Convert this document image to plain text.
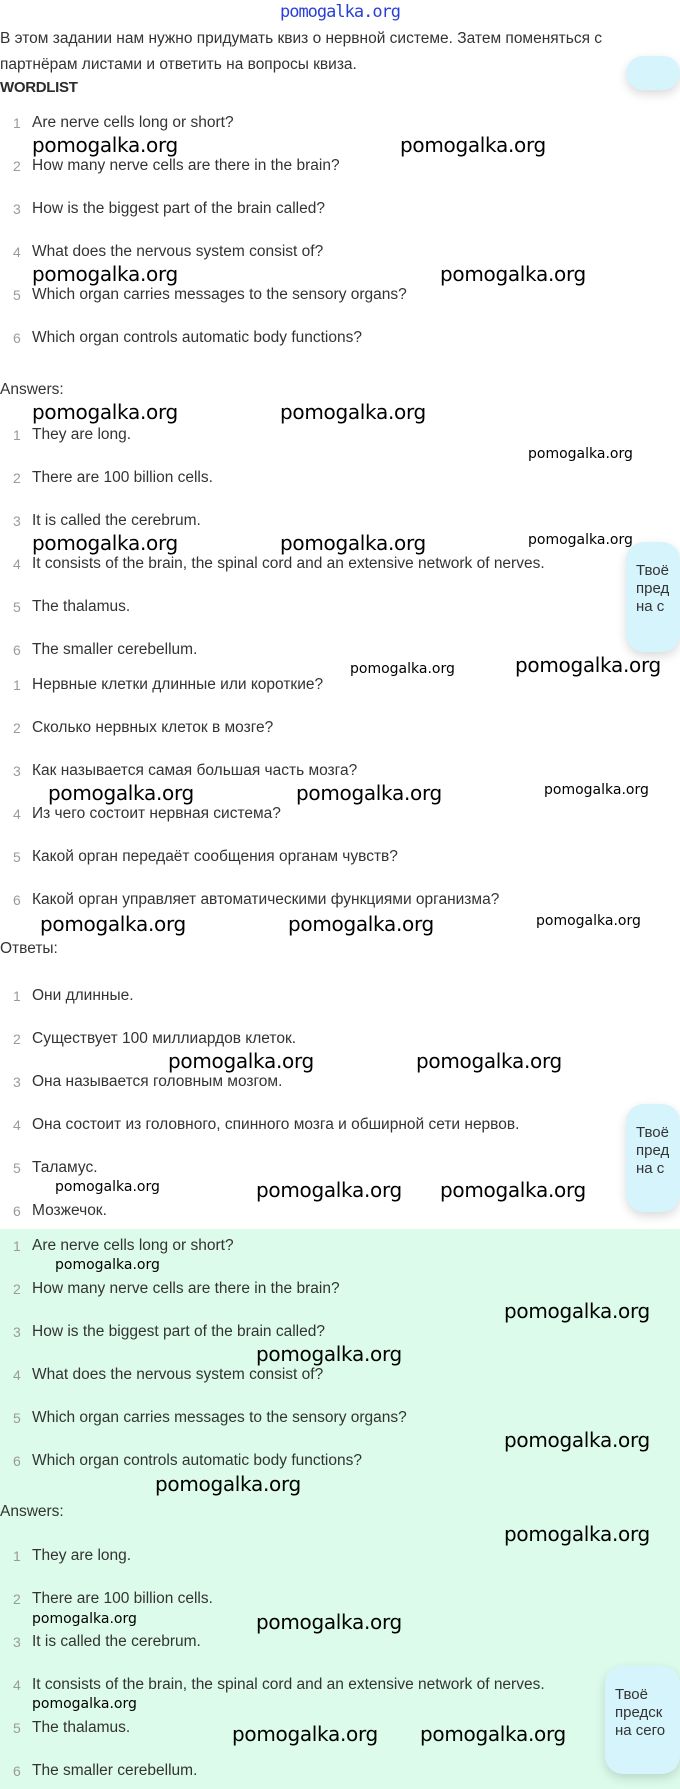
pomogalka.org
В этом задании нам нужно придумать квиз о нервной системе. Затем поменяться с партнёрам листами и ответить на вопросы квиза.
WORDLIST
1 Are nerve cells long or short?
2 How many nerve cells are there in the brain?
3 How is the biggest part of the brain called?
4 What does the nervous system consist of?
5 Which organ carries messages to the sensory organs?
6 Which organ controls automatic body functions?
Answers:
1 They are long.
2 There are 100 billion cells.
3 It is called the cerebrum.
4 It consists of the brain, the spinal cord and an extensive network of nerves.
5 The thalamus.
6 The smaller cerebellum.
1 Нервные клетки длинные или короткие?
2 Сколько нервных клеток в мозге?
3 Как называется самая большая часть мозга?
4 Из чего состоит нервная система?
5 Какой орган передаёт сообщения органам чувств?
6 Какой орган управляет автоматическими функциями организма?
Ответы:
1 Они длинные.
2 Существует 100 миллиардов клеток.
3 Она называется головным мозгом.
4 Она состоит из головного, спинного мозга и обширной сети нервов.
5 Таламус.
6 Мозжечок.
1 Are nerve cells long or short?
2 How many nerve cells are there in the brain?
3 How is the biggest part of the brain called?
4 What does the nervous system consist of?
5 Which organ carries messages to the sensory organs?
6 Which organ controls automatic body functions?
Answers:
1 They are long.
2 There are 100 billion cells.
3 It is called the cerebrum.
4 It consists of the brain, the spinal cord and an extensive network of nerves.
5 The thalamus.
6 The smaller cerebellum.
Твоё
пред
на с
Твоё
пред
на с
Твоё
предск
на сего
pomogalka.org	pomogalka.org
pomogalka.org	pomogalka.org
pomogalka.org	pomogalka.org
pomogalka.org
pomogalka.org	pomogalka.org	pomogalka.org
pomogalka.org	pomogalka.org
pomogalka.org	pomogalka.org	pomogalka.org
pomogalka.org	pomogalka.org	pomogalka.org
pomogalka.org	pomogalka.org
pomogalka.org	pomogalka.org pomogalka.org
pomogalka.org
pomogalka.org
pomogalka.org
pomogalka.org
pomogalka.org
pomogalka.org
pomogalka.org	pomogalka.org
pomogalka.org
pomogalka.org pomogalka.org
